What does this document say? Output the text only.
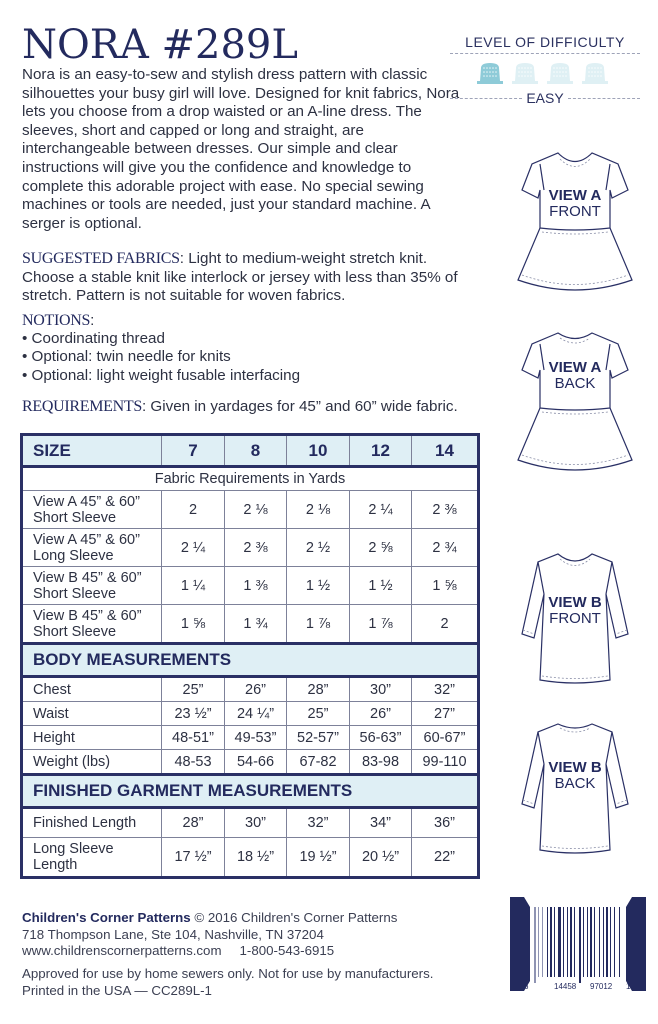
NORA #289L
Nora is an easy-to-sew and stylish dress pattern with classic silhouettes your busy girl will love. Designed for knit fabrics, Nora lets you choose from a drop waisted or an A-line dress. The sleeves, short and capped or long and straight, are interchangeable between dresses. Our simple and clear instructions will give you the confidence and knowledge to complete this adorable project with ease. No special sewing machines or tools are needed, just your standard machine. A serger is optional.
SUGGESTED FABRICS: Light to medium-weight stretch knit. Choose a stable knit like interlock or jersey with less than 35% of stretch. Pattern is not suitable for woven fabrics.
NOTIONS:
• Coordinating thread
• Optional: twin needle for knits
• Optional: light weight fusable interfacing
REQUIREMENTS: Given in yardages for 45” and 60” wide fabric.
LEVEL OF DIFFICULTY
EASY
SIZE	7	8	10	12	14
Fabric Requirements in Yards					

View A 45” & 60”
Short Sleeve	2	2 ⅛	2 ⅛	2 ¼	2 ⅜

View A 45” & 60”
Long Sleeve	2 ¼	2 ⅜	2 ½	2 ⅝	2 ¾

View B 45” & 60”
Short Sleeve	1 ¼	1 ⅜	1 ½	1 ½	1 ⅝

View B 45” & 60”
Short Sleeve	1 ⅝	1 ¾	1 ⅞	1 ⅞	2
BODY MEASUREMENTS					

Chest	25”	26”	28”	30”	32”

Waist	23 ½”	24 ¼”	25”	26”	27”

Height	48-51”	49-53”	52-57”	56-63”	60-67”

Weight (lbs)	48-53	54-66	67-82	83-98	99-110
FINISHED GARMENT MEASUREMENTS					

Finished Length	28”	30”	32”	34”	36”

Long Sleeve
Length	17 ½”	18 ½”	19 ½”	20 ½”	22”
Children's Corner Patterns © 2016 Children's Corner Patterns
718 Thompson Lane, Ste 104, Nashville, TN 37204
www.childrenscornerpatterns.com 1-800-543-6915
Approved for use by home sewers only. Not for use by manufacturers.
Printed in the USA — CC289L-1
VIEW A
FRONT
VIEW A
BACK
VIEW B
FRONT
VIEW B
BACK
6	14458 97012 1
